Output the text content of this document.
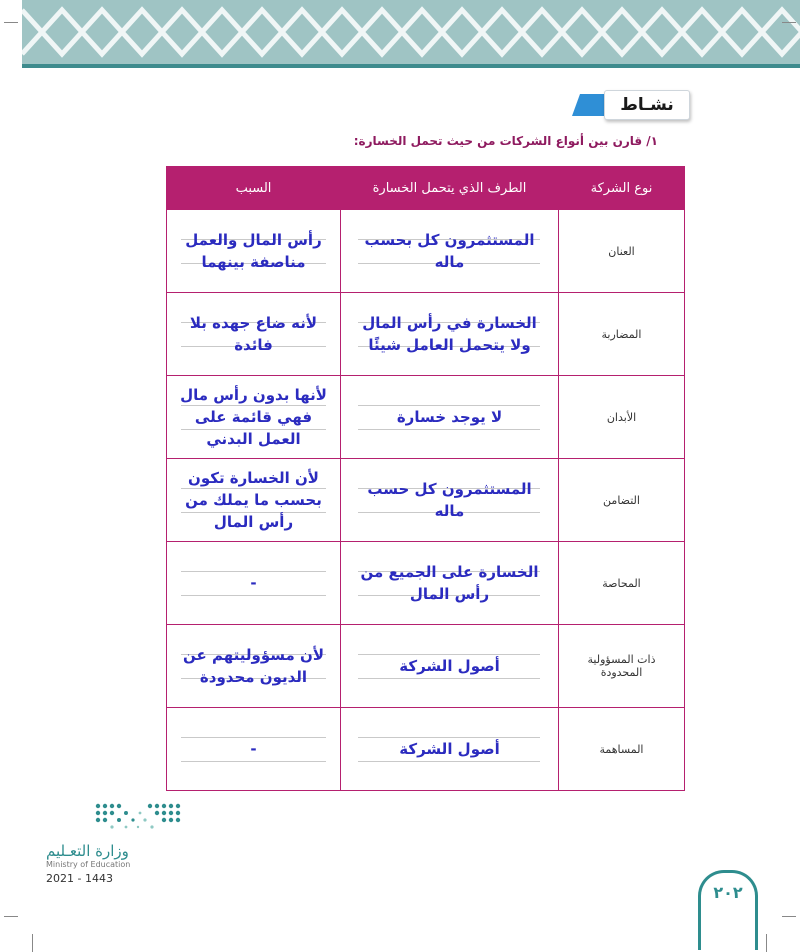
نشـاط
١/ قارن بين أنواع الشركات من حيث تحمل الخسارة:
نوع الشركة	الطرف الذي يتحمل الخسارة	السبب
العنان	المستثمرون كل بحسب ماله	رأس المال والعمل مناصفة بينهما
المضاربة	الخسارة في رأس المال ولا يتحمل العامل شيئًا	لأنه ضاع جهده بلا فائدة
الأبدان	لا يوجد خسارة	لأنها بدون رأس مال فهي قائمة على العمل البدني
التضامن	المستثمرون كل حسب ماله	لأن الخسارة تكون بحسب ما يملك من رأس المال
المحاصة	الخسارة على الجميع من رأس المال	-
ذات المسؤولية المحدودة	أصول الشركة	لأن مسؤوليتهم عن الديون محدودة
المساهمة	أصول الشركة	-
وزارة التعـليم
Ministry of Education
2021 - 1443
٢٠٢
